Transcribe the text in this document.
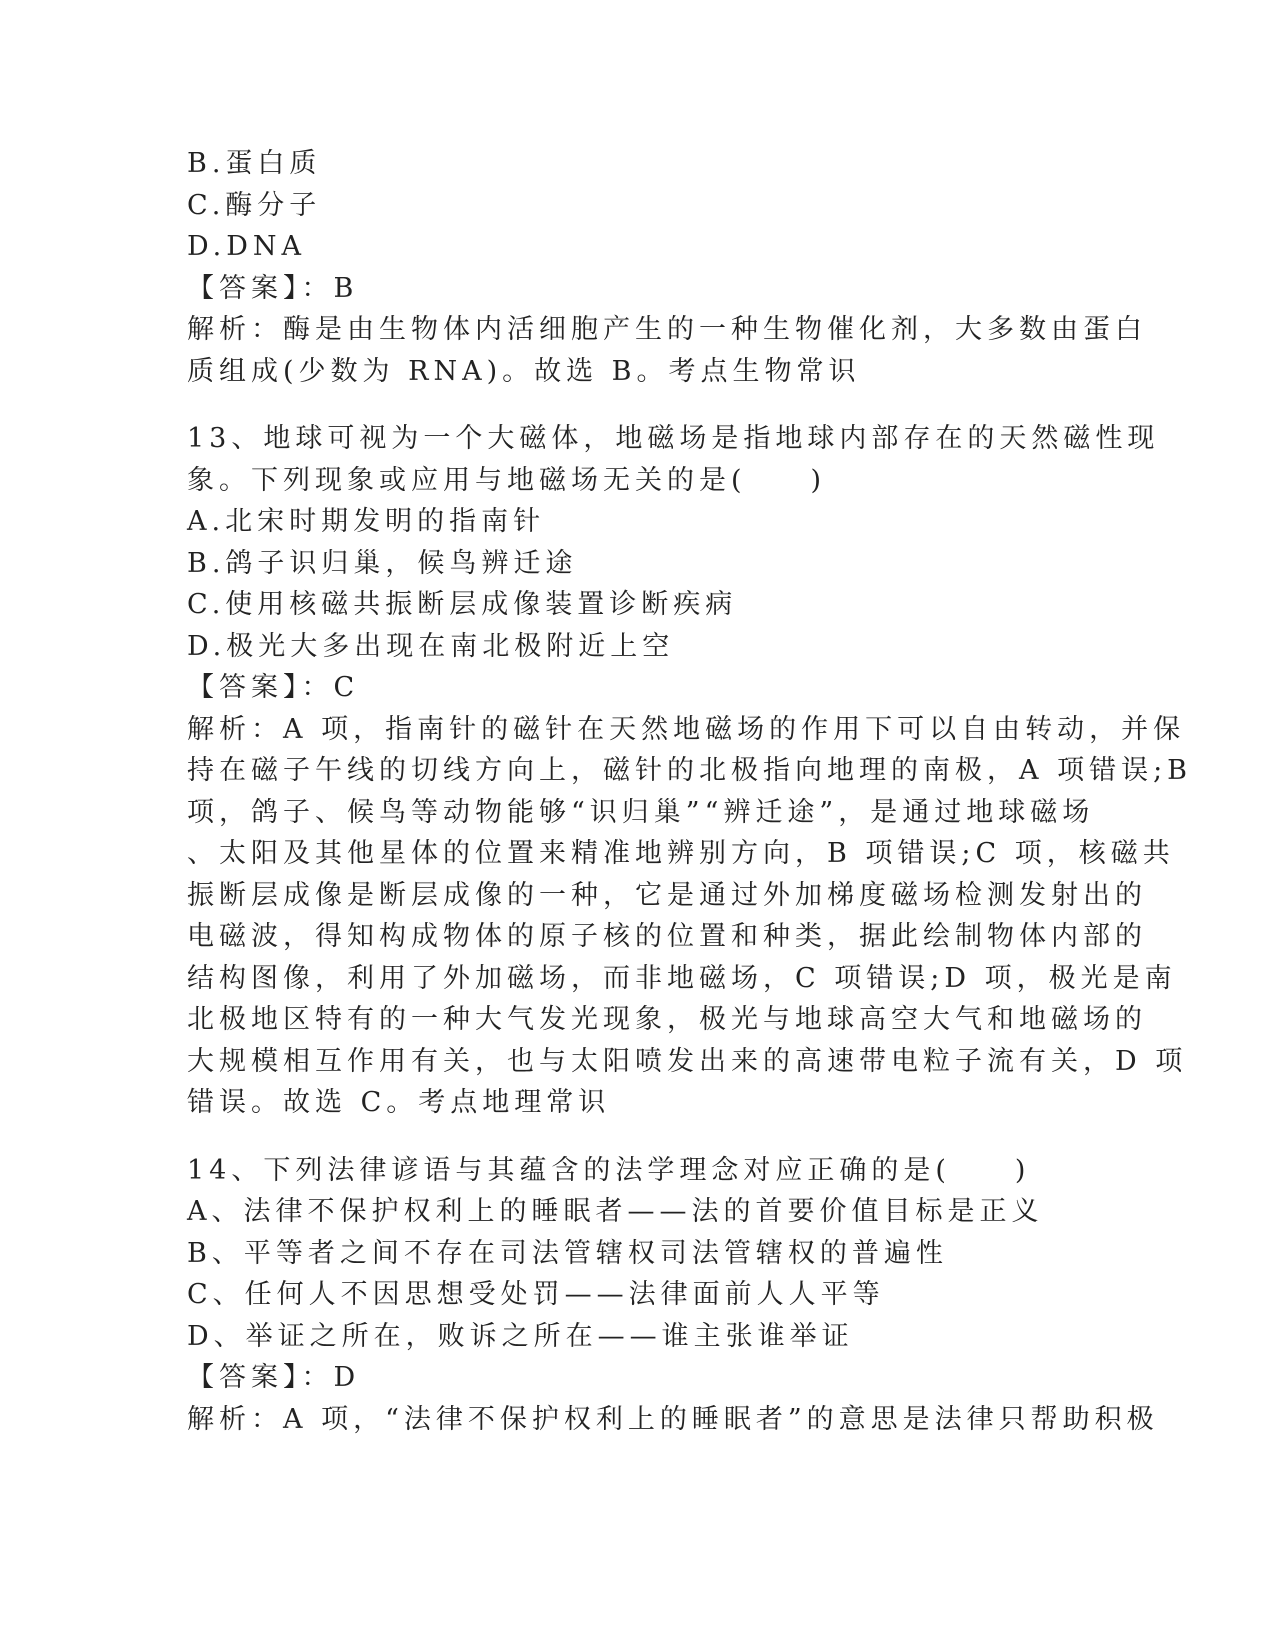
B.蛋白质
C.酶分子
D.DNA
【答案】：B
解析：酶是由生物体内活细胞产生的一种生物催化剂，大多数由蛋白
质组成(少数为 RNA)。故选 B。考点生物常识
13、地球可视为一个大磁体，地磁场是指地球内部存在的天然磁性现
象。下列现象或应用与地磁场无关的是(　　)
A.北宋时期发明的指南针
B.鸽子识归巢，候鸟辨迁途
C.使用核磁共振断层成像装置诊断疾病
D.极光大多出现在南北极附近上空
【答案】：C
解析：A 项，指南针的磁针在天然地磁场的作用下可以自由转动，并保
持在磁子午线的切线方向上，磁针的北极指向地理的南极，A 项错误;B
项，鸽子、候鸟等动物能够“识归巢”“辨迁途”，是通过地球磁场
、太阳及其他星体的位置来精准地辨别方向，B 项错误;C 项，核磁共
振断层成像是断层成像的一种，它是通过外加梯度磁场检测发射出的
电磁波，得知构成物体的原子核的位置和种类，据此绘制物体内部的
结构图像，利用了外加磁场，而非地磁场，C 项错误;D 项，极光是南
北极地区特有的一种大气发光现象，极光与地球高空大气和地磁场的
大规模相互作用有关，也与太阳喷发出来的高速带电粒子流有关，D 项
错误。故选 C。考点地理常识
14、下列法律谚语与其蕴含的法学理念对应正确的是(　　)
A、法律不保护权利上的睡眠者——法的首要价值目标是正义
B、平等者之间不存在司法管辖权司法管辖权的普遍性
C、任何人不因思想受处罚——法律面前人人平等
D、举证之所在，败诉之所在——谁主张谁举证
【答案】：D
解析：A 项，“法律不保护权利上的睡眠者”的意思是法律只帮助积极
